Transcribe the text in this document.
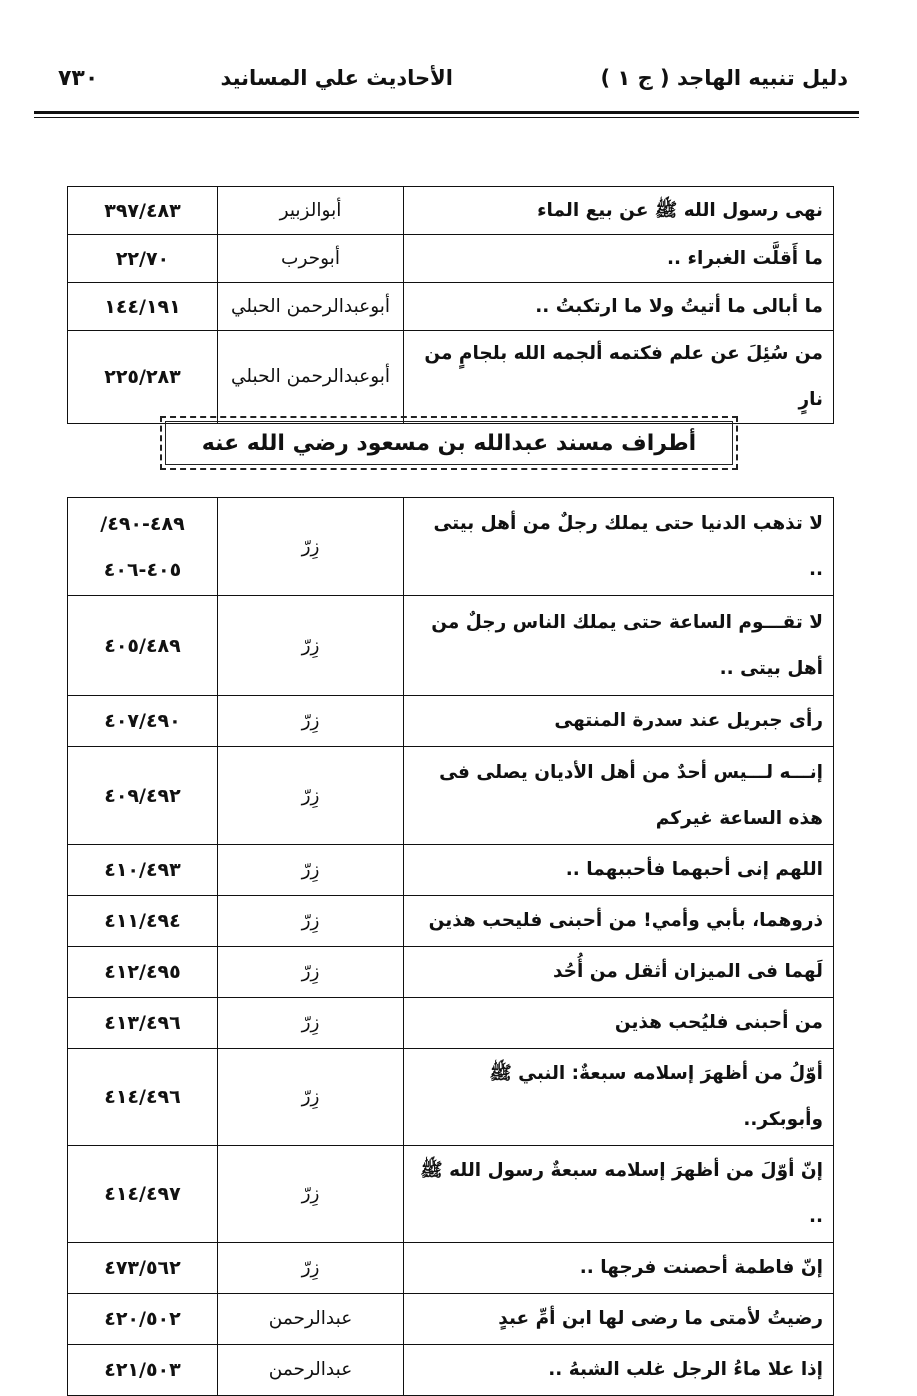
دليل تنبيه الهاجد ( ج ١ )
الأحاديث علي المسانيد
٧٣٠
نهى رسول الله ﷺ عن بيع الماء	أبوالزبير	٣٩٧/٤٨٣
ما أَقلَّت الغبراء ..	أبوحرب	٢٢/٧٠
ما أبالى ما أتيتُ ولا ما ارتكبتُ ..	أبوعبدالرحمن الحبلي	١٤٤/١٩١
من سُئِلَ عن علم فكتمه ألجمه الله بلجامٍ من نارٍ	أبوعبدالرحمن الحبلي	٢٢٥/٢٨٣
أطراف مسند عبدالله بن مسعود رضي الله عنه
لا تذهب الدنيا حتى يملك رجلٌ من أهل بيتى ..	زِرّ	٤٨٩-٤٩٠/ ٤٠٥-٤٠٦
لا تقـــوم الساعة حتى يملك الناس رجلٌ من أهل بيتى ..	زِرّ	٤٠٥/٤٨٩
رأى جبريل عند سدرة المنتهى	زِرّ	٤٠٧/٤٩٠
إنـــه لـــيس أحدٌ من أهل الأديان يصلى فى هذه الساعة غيركم	زِرّ	٤٠٩/٤٩٢
اللهم إنى أحبهما فأحببهما ..	زِرّ	٤١٠/٤٩٣
ذروهما، بأبي وأمي! من أحبنى فليحب هذين	زِرّ	٤١١/٤٩٤
لَهما فى الميزان أثقل من أُحُد	زِرّ	٤١٢/٤٩٥
من أحبنى فليُحب هذين	زِرّ	٤١٣/٤٩٦
أوّلُ من أظهرَ إسلامه سبعةٌ: النبي ﷺ وأبوبكر..	زِرّ	٤١٤/٤٩٦
إنّ أوّلَ من أظهرَ إسلامه سبعةٌ رسول الله ﷺ ..	زِرّ	٤١٤/٤٩٧
إنّ فاطمة أحصنت فرجها ..	زِرّ	٤٧٣/٥٦٢
رضيتُ لأمتى ما رضى لها ابن أمِّ عبدٍ	عبدالرحمن	٤٢٠/٥٠٢
إذا علا ماءُ الرجل غلب الشبهُ ..	عبدالرحمن	٤٢١/٥٠٣
